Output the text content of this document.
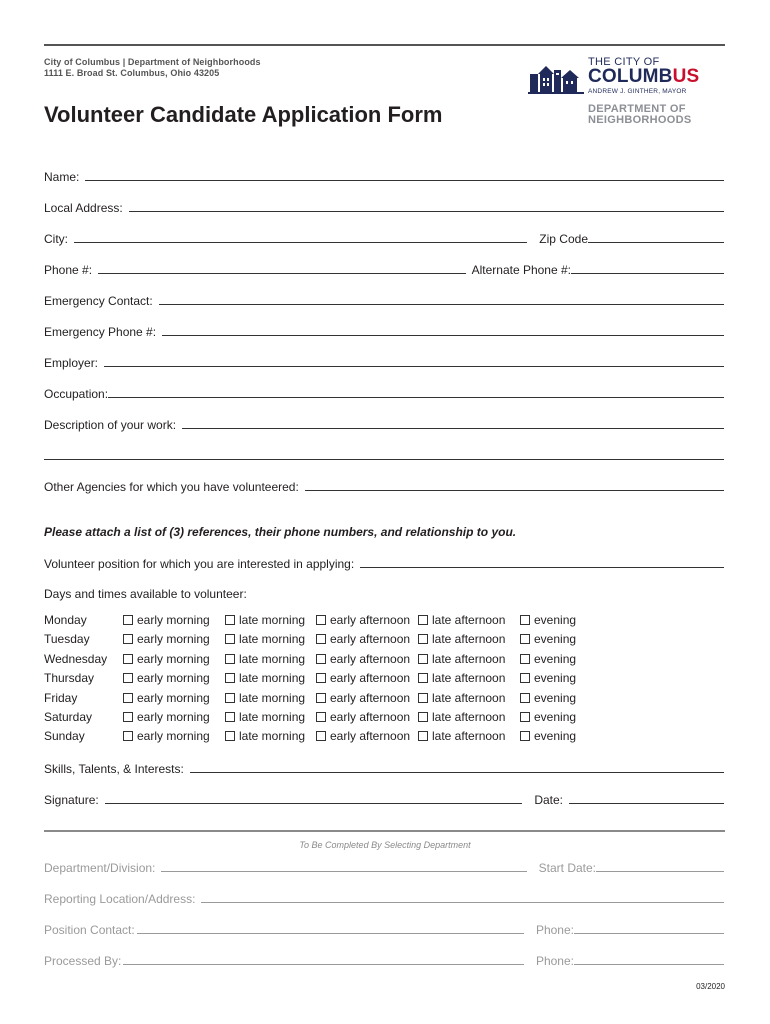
City of Columbus | Department of Neighborhoods
1111 E. Broad St. Columbus, Ohio 43205
Volunteer Candidate Application Form
THE CITY OF
COLUMBUS
ANDREW J. GINTHER, MAYOR
DEPARTMENT OF
NEIGHBORHOODS
Name:
Local Address:
City:	Zip Code
Phone #:	Alternate Phone #:
Emergency Contact:
Emergency Phone #:
Employer:
Occupation:
Description of your work:
Other Agencies for which you have volunteered:
Please attach a list of (3) references, their phone numbers, and relationship to you.
Volunteer position for which you are interested in applying:
Days and times available to volunteer:
Monday	early morning	late morning	early afternoon	late afternoon	evening
Tuesday	early morning	late morning	early afternoon	late afternoon	evening
Wednesday	early morning	late morning	early afternoon	late afternoon	evening
Thursday	early morning	late morning	early afternoon	late afternoon	evening
Friday	early morning	late morning	early afternoon	late afternoon	evening
Saturday	early morning	late morning	early afternoon	late afternoon	evening
Sunday	early morning	late morning	early afternoon	late afternoon	evening
Skills, Talents, & Interests:
Signature:	Date:
To Be Completed By Selecting Department
Department/Division:	Start Date:
Reporting Location/Address:
Position Contact:	Phone:
Processed By:	Phone:
03/2020
